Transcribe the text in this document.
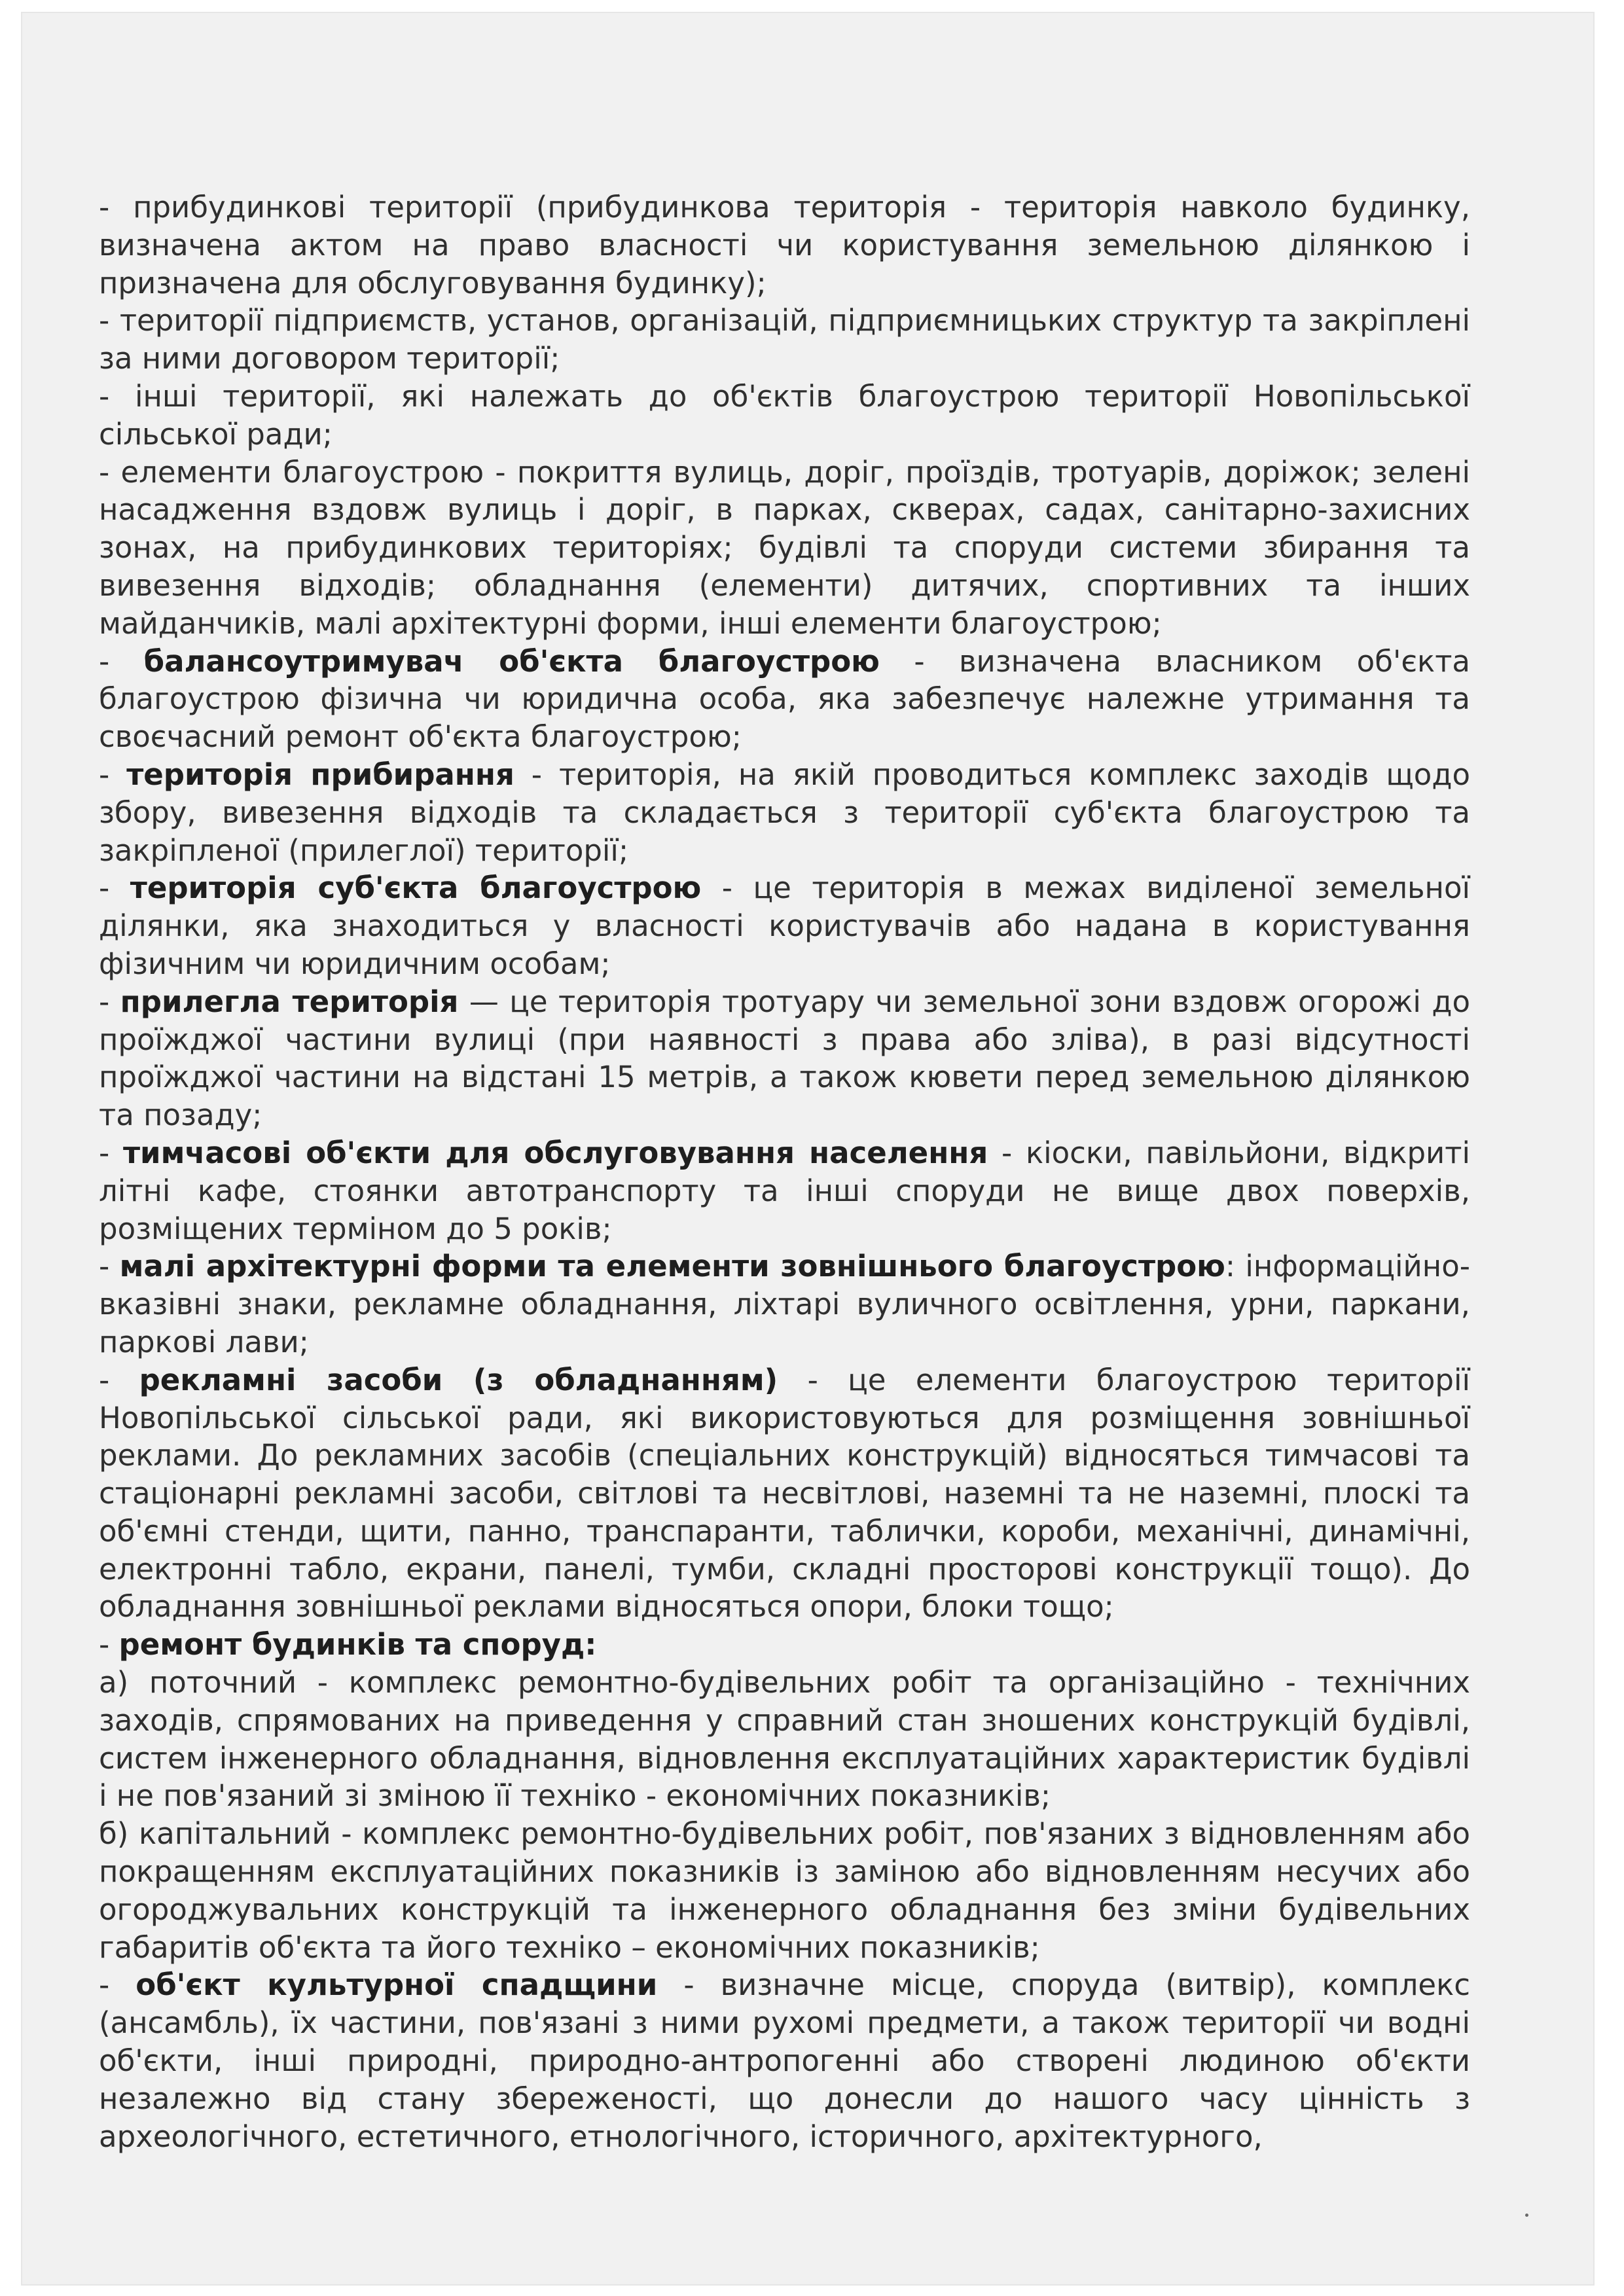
- прибудинкові території (прибудинкова територія - територія навколо будинку, визначена актом на право власності чи користування земельною ділянкою і призначена для обслуговування будинку);

- території підприємств, установ, організацій, підприємницьких структур та закріплені за ними договором території;

- інші території, які належать до об'єктів благоустрою території Новопільської сільської ради;

- елементи благоустрою - покриття вулиць, доріг, проїздів, тротуарів, доріжок; зелені насадження вздовж вулиць і доріг, в парках, скверах, садах, санітарно-захисних зонах, на прибудинкових територіях; будівлі та споруди системи збирання та вивезення відходів; обладнання (елементи) дитячих, спортивних та інших майданчиків, малі архітектурні форми, інші елементи благоустрою;

- балансоутримувач об'єкта благоустрою - визначена власником об'єкта благоустрою фізична чи юридична особа, яка забезпечує належне утримання та своєчасний ремонт об'єкта благоустрою;

- територія прибирання - територія, на якій проводиться комплекс заходів щодо збору, вивезення відходів та складається з території суб'єкта благоустрою та закріпленої (прилеглої) території;

- територія суб'єкта благоустрою - це територія в межах виділеної земельної ділянки, яка знаходиться у власності користувачів або надана в користування фізичним чи юридичним особам;

- прилегла територія — це територія тротуару чи земельної зони вздовж огорожі до проїжджої частини вулиці (при наявності з права або зліва), в разі відсутності проїжджої частини на відстані 15 метрів, а також кювети перед земельною ділянкою та позаду;

- тимчасові об'єкти для обслуговування населення - кіоски, павільйони, відкриті літні кафе, стоянки автотранспорту та інші споруди не вище двох поверхів, розміщених терміном до 5 років;

- малі архітектурні форми та елементи зовнішнього благоустрою: інформаційно-вказівні знаки, рекламне обладнання, ліхтарі вуличного освітлення, урни, паркани, паркові лави;

- рекламні засоби (з обладнанням) - це елементи благоустрою території Новопільської сільської ради, які використовуються для розміщення зовнішньої реклами. До рекламних засобів (спеціальних конструкцій) відносяться тимчасові та стаціонарні рекламні засоби, світлові та несвітлові, наземні та не наземні, плоскі та об'ємні стенди, щити, панно, транспаранти, таблички, короби, механічні, динамічні, електронні табло, екрани, панелі, тумби, складні просторові конструкції тощо). До обладнання зовнішньої реклами відносяться опори, блоки тощо;

- ремонт будинків та споруд:

а) поточний - комплекс ремонтно-будівельних робіт та організаційно - технічних заходів, спрямованих на приведення у справний стан зношених конструкцій будівлі, систем інженерного обладнання, відновлення експлуатаційних характеристик будівлі і не пов'язаний зі зміною її техніко - економічних показників;

б) капітальний - комплекс ремонтно-будівельних робіт, пов'язаних з відновленням або покращенням експлуатаційних показників із заміною або відновленням несучих або огороджувальних конструкцій та інженерного обладнання без зміни будівельних габаритів об'єкта та його техніко – економічних показників;

- об'єкт культурної спадщини - визначне місце, споруда (витвір), комплекс (ансамбль), їх частини, пов'язані з ними рухомі предмети, а також території чи водні об'єкти, інші природні, природно-антропогенні або створені людиною об'єкти незалежно від стану збереженості, що донесли до нашого часу цінність з археологічного, естетичного, етнологічного, історичного, архітектурного,
